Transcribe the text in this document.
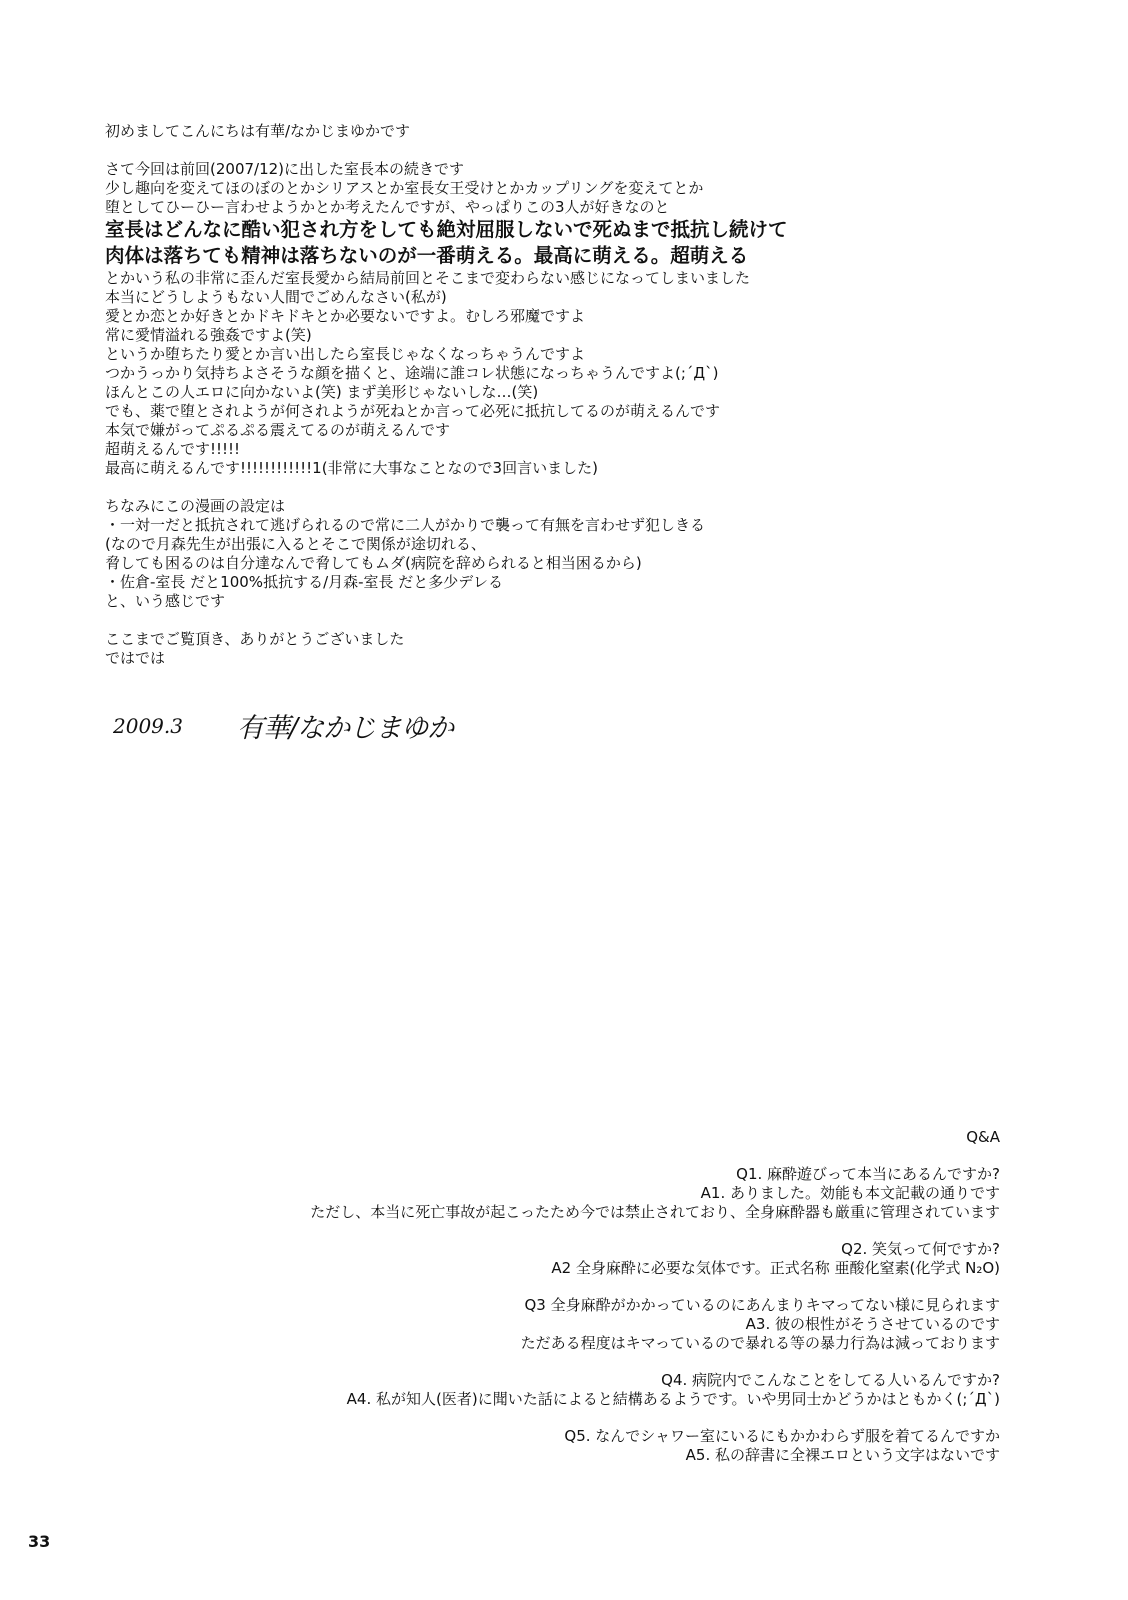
初めましてこんにちは有華/なかじまゆかです
さて今回は前回(2007/12)に出した室長本の続きです
少し趣向を変えてほのぼのとかシリアスとか室長女王受けとかカップリングを変えてとか
堕としてひーひー言わせようかとか考えたんですが、やっぱりこの3人が好きなのと
室長はどんなに酷い犯され方をしても絶対屈服しないで死ぬまで抵抗し続けて
肉体は落ちても精神は落ちないのが一番萌える。最高に萌える。超萌える
とかいう私の非常に歪んだ室長愛から結局前回とそこまで変わらない感じになってしまいました
本当にどうしようもない人間でごめんなさい(私が)
愛とか恋とか好きとかドキドキとか必要ないですよ。むしろ邪魔ですよ
常に愛情溢れる強姦ですよ(笑)
というか堕ちたり愛とか言い出したら室長じゃなくなっちゃうんですよ
つかうっかり気持ちよさそうな顔を描くと、途端に誰コレ状態になっちゃうんですよ(;´Д`)
ほんとこの人エロに向かないよ(笑) まず美形じゃないしな…(笑)
でも、薬で堕とされようが何されようが死ねとか言って必死に抵抗してるのが萌えるんです
本気で嫌がってぷるぷる震えてるのが萌えるんです
超萌えるんです!!!!!
最高に萌えるんです!!!!!!!!!!!!1(非常に大事なことなので3回言いました)
ちなみにこの漫画の設定は
・一対一だと抵抗されて逃げられるので常に二人がかりで襲って有無を言わせず犯しきる
(なので月森先生が出張に入るとそこで関係が途切れる、
脅しても困るのは自分達なんで脅してもムダ(病院を辞められると相当困るから)
・佐倉-室長 だと100%抵抗する/月森-室長 だと多少デレる
と、いう感じです
ここまでご覧頂き、ありがとうございました
ではでは
2009.3 有華/なかじまゆか
Q&A
Q1. 麻酔遊びって本当にあるんですか?
A1. ありました。効能も本文記載の通りです
ただし、本当に死亡事故が起こったため今では禁止されており、全身麻酔器も厳重に管理されています
Q2. 笑気って何ですか?
A2 全身麻酔に必要な気体です。正式名称 亜酸化窒素(化学式 N₂O)
Q3 全身麻酔がかかっているのにあんまりキマってない様に見られます
A3. 彼の根性がそうさせているのです
ただある程度はキマっているので暴れる等の暴力行為は減っております
Q4. 病院内でこんなことをしてる人いるんですか?
A4. 私が知人(医者)に聞いた話によると結構あるようです。いや男同士かどうかはともかく(;´Д`)
Q5. なんでシャワー室にいるにもかかわらず服を着てるんですか
A5. 私の辞書に全裸エロという文字はないです
33
